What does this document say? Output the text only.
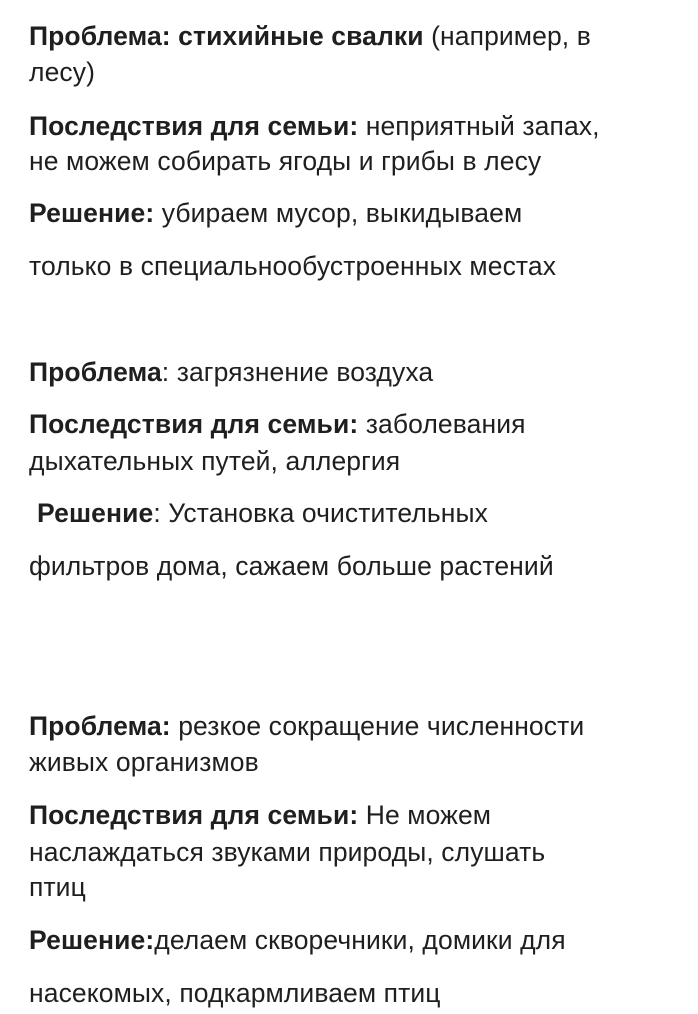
Проблема: стихийные свалки (например, в
лесу)
Последствия для семьи: неприятный запах,
не можем собирать ягоды и грибы в лесу
Решение: убираем мусор, выкидываем
только в специальнообустроенных местах
Проблема: загрязнение воздуха
Последствия для семьи: заболевания
дыхательных путей, аллергия
Решение: Установка очистительных
фильтров дома, сажаем больше растений
Проблема: резкое сокращение численности
живых организмов
Последствия для семьи: Не можем
наслаждаться звуками природы, слушать
птиц
Решение:делаем скворечники, домики для
насекомых, подкармливаем птиц
